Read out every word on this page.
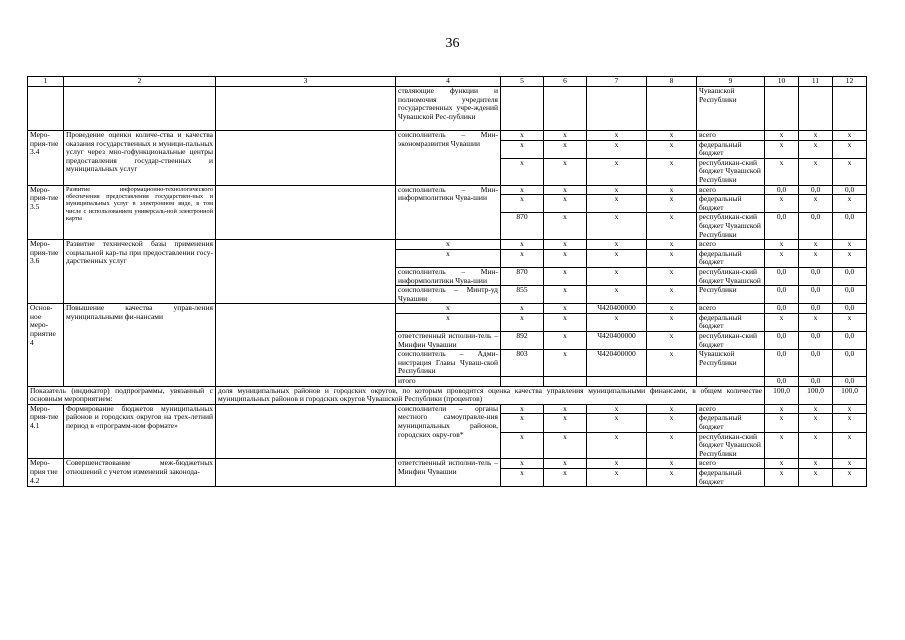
36
1	2	3	4	5	6	7	8	9	10	11	12
			ствляющие функции и полномочия учредителя государственных учре-ждений Чувашской Рес-публики					Чувашской Республики			
Меро-прия-тие 3.4	Проведение оценки количе-ства и качества оказания государственных и муници-пальных услуг через мно-гофункциональные центры предоставления государ-ственных и муниципальных услуг		соисполнитель – Мин-экономразвития Чувашии	x	x	x	x	всего	x	x	x
				x	x	x	x	федеральный бюджет	x	x	x
				x	x	x	x	республикан-ский бюджет Чувашской Республики	x	x	x
Меро-прия-тие 3.5	Развитие информационно-технологического обеспечения предоставления государствен-ных и муниципальных услуг в электронном виде, в том числе с использованием универсаль-ной электронной карты		соисполнитель – Мин-информполитики Чува-шии	x	x	x	x	всего	0,0	0,0	0,0
				x	x	x	x	федеральный бюджет	x	x	x
				870	x	x	x	республикан-ский бюджет Чувашской Республики	0,0	0,0	0,0
Меро-прия-тие 3.6	Развитие технической базы применения социальной кар-ты при предоставлении госу-дарственных услуг		x	x	x	x	x	всего	x	x	x
			x	x	x	x	x	федеральный бюджет	x	x	x
			соисполнитель – Мин-информполитики Чува-шии	870	x	x	x	республикан-ский бюджет Чувашской	0,0	0,0	0,0
			соисполнитель – Минтр-уд Чувашии	855	x	x	x	Республики	0,0	0,0	0,0
Основ-ное меро-приятие 4	Повышение качества управ-ления муниципальными фи-нансами		x	x	x	Ч420400000	x	всего	0,0	0,0	0,0
			x	x	x	x	x	федеральный бюджет	x	x	x
			ответственный исполни-тель – Минфин Чувашии	892	x	Ч420400000	x	республикан-ский бюджет	0,0	0,0	0,0
			соисполнитель – Адми-нистрация Главы Чуваш-ской Республики	803	x	Ч420400000	x	Чувашской Республики	0,0	0,0	0,0
			итого						0,0	0,0	0,0
Показатель (индикатор) подпрограммы, увязанный с основным мероприятием:		доля муниципальных районов и городских округов, по которым проводится оценка качества управления муниципальными финансами, в общем количестве муниципальных районов и городских округов Чувашской Республики (процентов)							100,0	100,0	100,0
Меро-прия-тие 4.1	Формирование бюджетов муниципальных районов и городских округов на трех-летний период в «программ-ном формате»		соисполнители – органы местного самоуправле-ния муниципальных районов, городских окру-гов*	x	x	x	x	всего	x	x	x
				x	x	x	x	федеральный бюджет	x	x	x
				x	x	x	x	республикан-ский бюджет Чувашской Республики	x	x	x
Меро-прия тие 4.2	Совершенствование меж-бюджетных отношений с учетом изменений законода-		ответственный исполни-тель – Минфин Чувашии	x	x	x	x	всего	x	x	x
				x	x	x	x	федеральный бюджет	x	x	x
